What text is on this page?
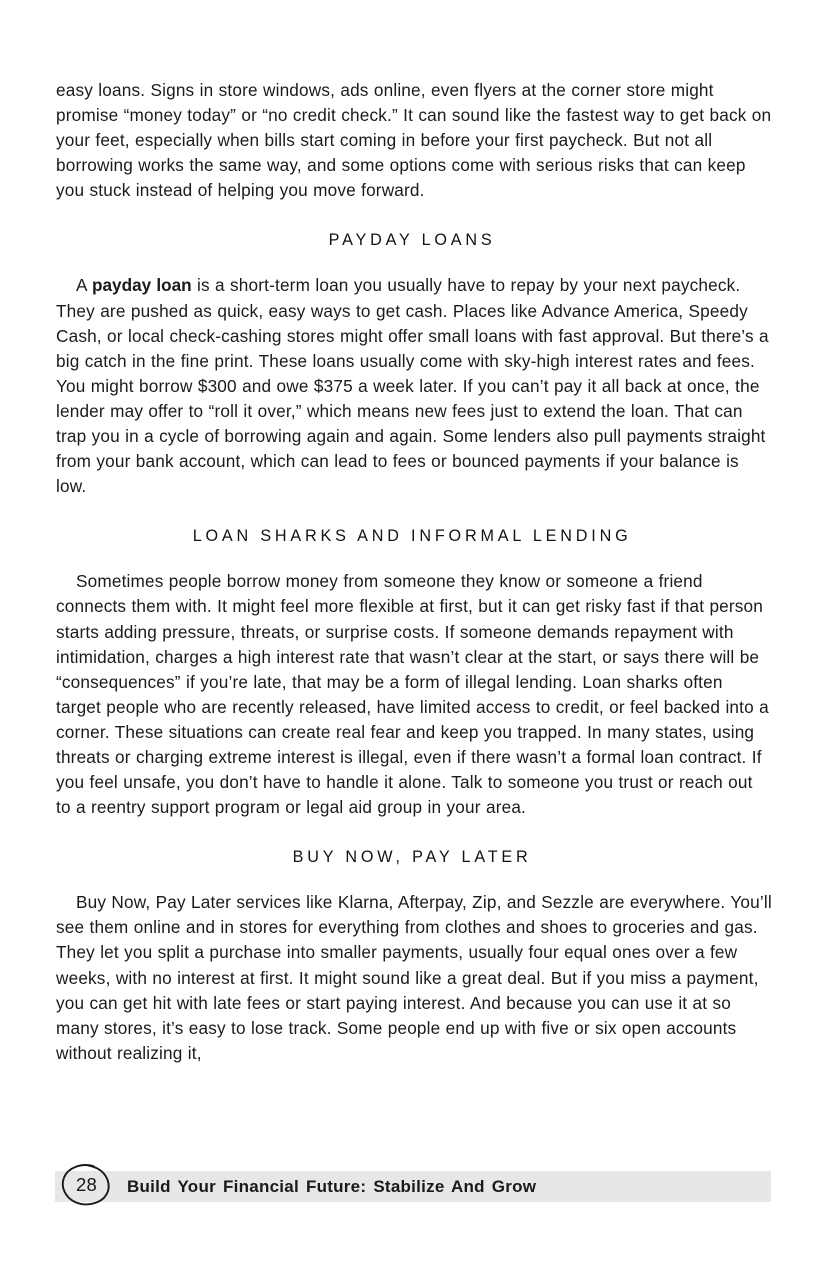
easy loans. Signs in store windows, ads online, even flyers at the corner store might promise “money today” or “no credit check.” It can sound like the fastest way to get back on your feet, especially when bills start coming in before your first paycheck. But not all borrowing works the same way, and some options come with serious risks that can keep you stuck instead of helping you move forward.

PAYDAY LOANS

A payday loan is a short-term loan you usually have to repay by your next paycheck. They are pushed as quick, easy ways to get cash. Places like Advance America, Speedy Cash, or local check-cashing stores might offer small loans with fast approval. But there’s a big catch in the fine print. These loans usually come with sky-high interest rates and fees. You might borrow $300 and owe $375 a week later. If you can’t pay it all back at once, the lender may offer to “roll it over,” which means new fees just to extend the loan. That can trap you in a cycle of borrowing again and again. Some lenders also pull payments straight from your bank account, which can lead to fees or bounced payments if your balance is low.

LOAN SHARKS AND INFORMAL LENDING

Sometimes people borrow money from someone they know or someone a friend connects them with. It might feel more flexible at first, but it can get risky fast if that person starts adding pressure, threats, or surprise costs. If someone demands repayment with intimidation, charges a high interest rate that wasn’t clear at the start, or says there will be “consequences” if you’re late, that may be a form of illegal lending. Loan sharks often target people who are recently released, have limited access to credit, or feel backed into a corner. These situations can create real fear and keep you trapped. In many states, using threats or charging extreme interest is illegal, even if there wasn’t a formal loan contract. If you feel unsafe, you don’t have to handle it alone. Talk to someone you trust or reach out to a reentry support program or legal aid group in your area.

BUY NOW, PAY LATER

Buy Now, Pay Later services like Klarna, Afterpay, Zip, and Sezzle are everywhere. You’ll see them online and in stores for everything from clothes and shoes to groceries and gas. They let you split a purchase into smaller payments, usually four equal ones over a few weeks, with no interest at first. It might sound like a great deal. But if you miss a payment, you can get hit with late fees or start paying interest. And because you can use it at so many stores, it’s easy to lose track. Some people end up with five or six open accounts without realizing it,

28	Build Your Financial Future: Stabilize And Grow
